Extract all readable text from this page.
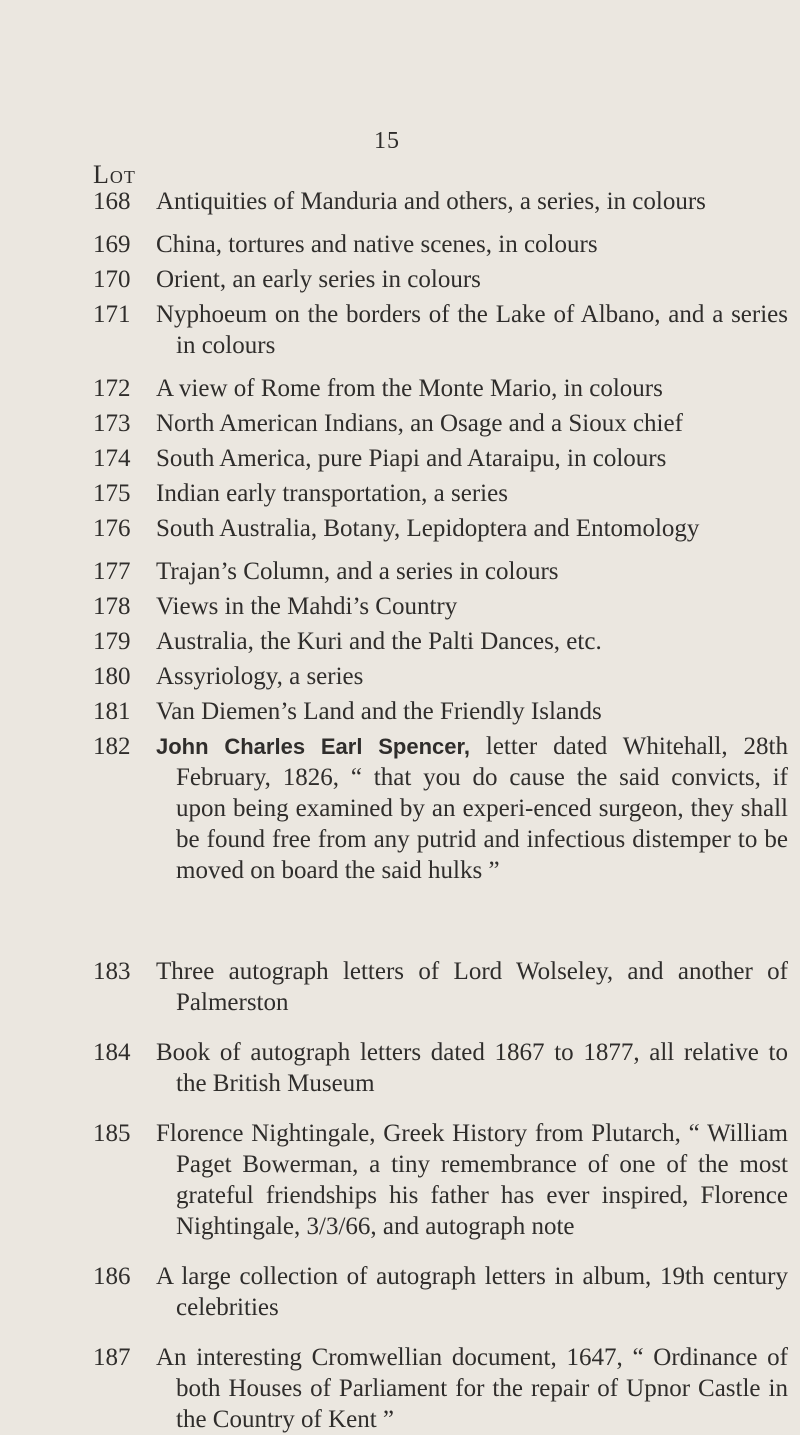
15
Lot
168	Antiquities of Manduria and others, a series, in colours
169	China, tortures and native scenes, in colours
170	Orient, an early series in colours
171	Nyphoeum on the borders of the Lake of Albano, and a series in colours
172	A view of Rome from the Monte Mario, in colours
173	North American Indians, an Osage and a Sioux chief
174	South America, pure Piapi and Ataraipu, in colours
175	Indian early transportation, a series
176	South Australia, Botany, Lepidoptera and Entomology
177	Trajan’s Column, and a series in colours
178	Views in the Mahdi’s Country
179	Australia, the Kuri and the Palti Dances, etc.
180	Assyriology, a series
181	Van Diemen’s Land and the Friendly Islands
182	John Charles Earl Spencer, letter dated Whitehall, 28th February, 1826, “ that you do cause the said convicts, if upon being examined by an experi-enced surgeon, they shall be found free from any putrid and infectious distemper to be moved on board the said hulks ”
183	Three autograph letters of Lord Wolseley, and another of Palmerston
184	Book of autograph letters dated 1867 to 1877, all relative to the British Museum
185	Florence Nightingale, Greek History from Plutarch, “ William Paget Bowerman, a tiny remembrance of one of the most grateful friendships his father has ever inspired, Florence Nightingale, 3/3/66, and autograph note
186	A large collection of autograph letters in album, 19th century celebrities
187	An interesting Cromwellian document, 1647, “ Ordinance of both Houses of Parliament for the repair of Upnor Castle in the Country of Kent ”
